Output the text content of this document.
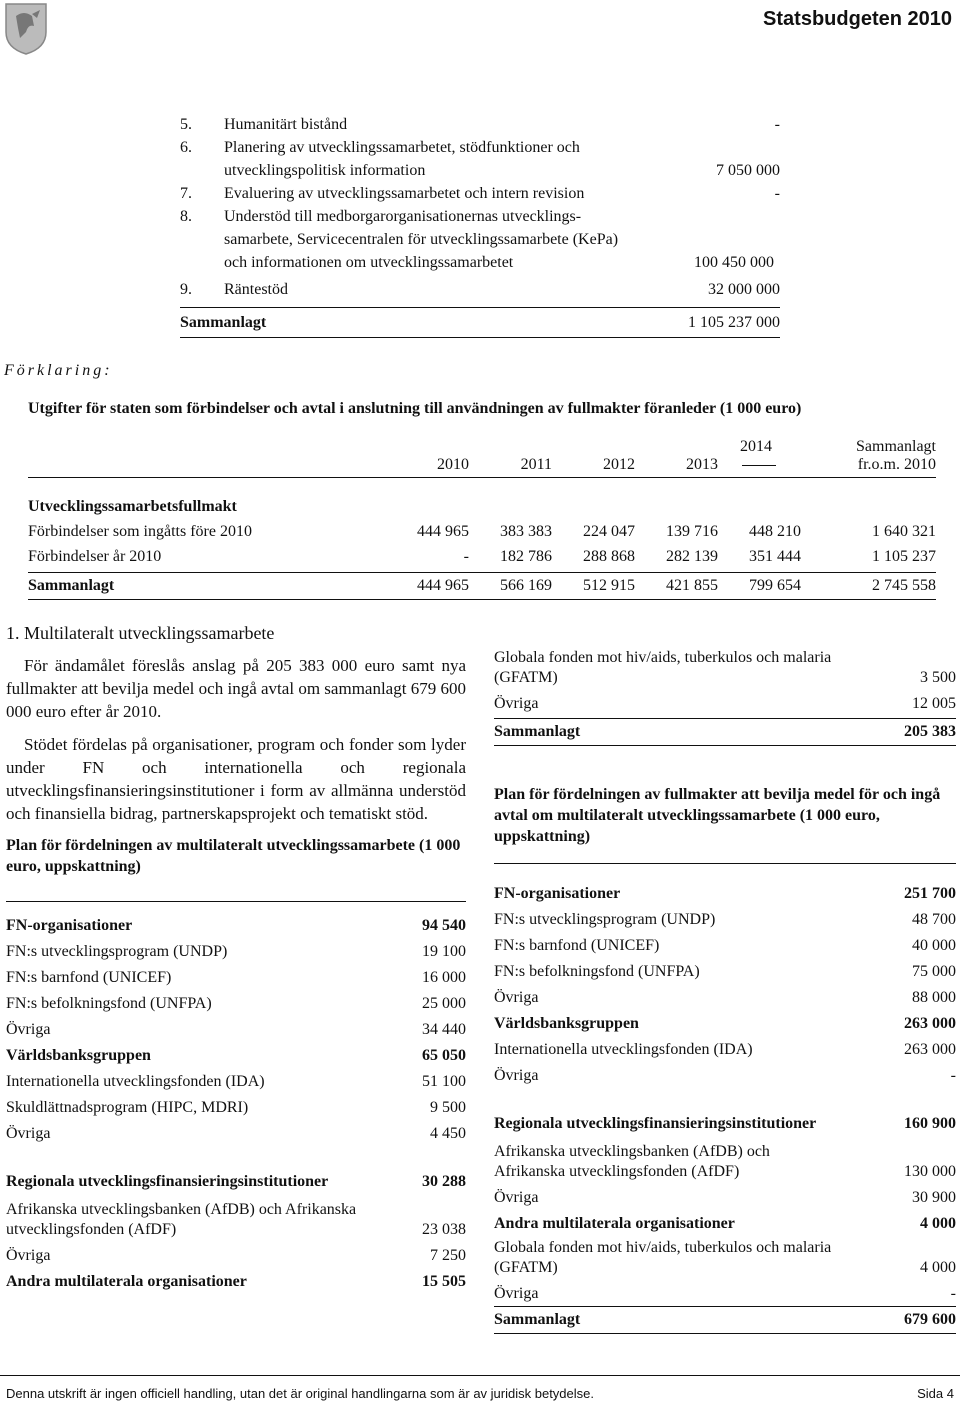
Statsbudgeten 2010
5.	Humanitärt bistånd	-
6.	Planering av utvecklingssamarbetet, stödfunktioner och utvecklingspolitisk information	7 050 000
7.	Evaluering av utvecklingssamarbetet och intern revision	-
8.	Understöd till medborgarorganisationernas utvecklings-samarbete, Servicecentralen för utvecklingssamarbete (KePa) och informationen om utvecklingssamarbetet	100 450 000
9.	Räntestöd	32 000 000
Sammanlagt	1 105 237 000
Förklaring:
Utgifter för staten som förbindelser och avtal i anslutning till användningen av fullmakter föranleder (1 000 euro)
2010	2011	2012	2013
2014	Sammanlagt fr.o.m. 2010
Utvecklingssamarbetsfullmakt
Förbindelser som ingåtts före 2010	444 965	383 383	224 047	139 716	448 210	1 640 321
Förbindelser år 2010	-	182 786	288 868	282 139	351 444	1 105 237
Sammanlagt	444 965	566 169	512 915	421 855	799 654	2 745 558
1. Multilateralt utvecklingssamarbete

För ändamålet föreslås anslag på 205 383 000 euro samt nya fullmakter att bevilja medel och ingå avtal om sammanlagt 679 600 000 euro efter år 2010.

Stödet fördelas på organisationer, program och fonder som lyder under FN och internationella och regionala utvecklingsfinansieringsinstitutioner i form av allmänna understöd och finansiella bidrag, partnerskapsprojekt och tematiskt stöd.

Plan för fördelningen av multilateralt utvecklingssamarbete (1 000 euro, uppskattning)
FN-organisationer	94 540
FN:s utvecklingsprogram (UNDP)	19 100
FN:s barnfond (UNICEF)	16 000
FN:s befolkningsfond (UNFPA)	25 000
Övriga	34 440
Världsbanksgruppen	65 050
Internationella utvecklingsfonden (IDA)	51 100
Skuldlättnadsprogram (HIPC, MDRI)	9 500
Övriga	4 450
Regionala utvecklingsfinansieringsinstitutioner	30 288
Afrikanska utvecklingsbanken (AfDB) och Afrikanska utvecklingsfonden (AfDF)	23 038
Övriga	7 250
Andra multilaterala organisationer	15 505
Globala fonden mot hiv/aids, tuberkulos och malaria (GFATM)	3 500
Övriga	12 005
Sammanlagt	205 383
Plan för fördelningen av fullmakter att bevilja medel för och ingå avtal om multilateralt utvecklingssamarbete (1 000 euro, uppskattning)
FN-organisationer	251 700
FN:s utvecklingsprogram (UNDP)	48 700
FN:s barnfond (UNICEF)	40 000
FN:s befolkningsfond (UNFPA)	75 000
Övriga	88 000
Världsbanksgruppen	263 000
Internationella utvecklingsfonden (IDA)	263 000
Övriga	-
Regionala utvecklingsfinansieringsinstitutioner	160 900
Afrikanska utvecklingsbanken (AfDB) och Afrikanska utvecklingsfonden (AfDF)	130 000
Övriga	30 900
Andra multilaterala organisationer	4 000
Globala fonden mot hiv/aids, tuberkulos och malaria (GFATM)	4 000
Övriga	-
Sammanlagt	679 600
Denna utskrift är ingen officiell handling, utan det är original handlingarna som är av juridisk betydelse.	Sida 4
